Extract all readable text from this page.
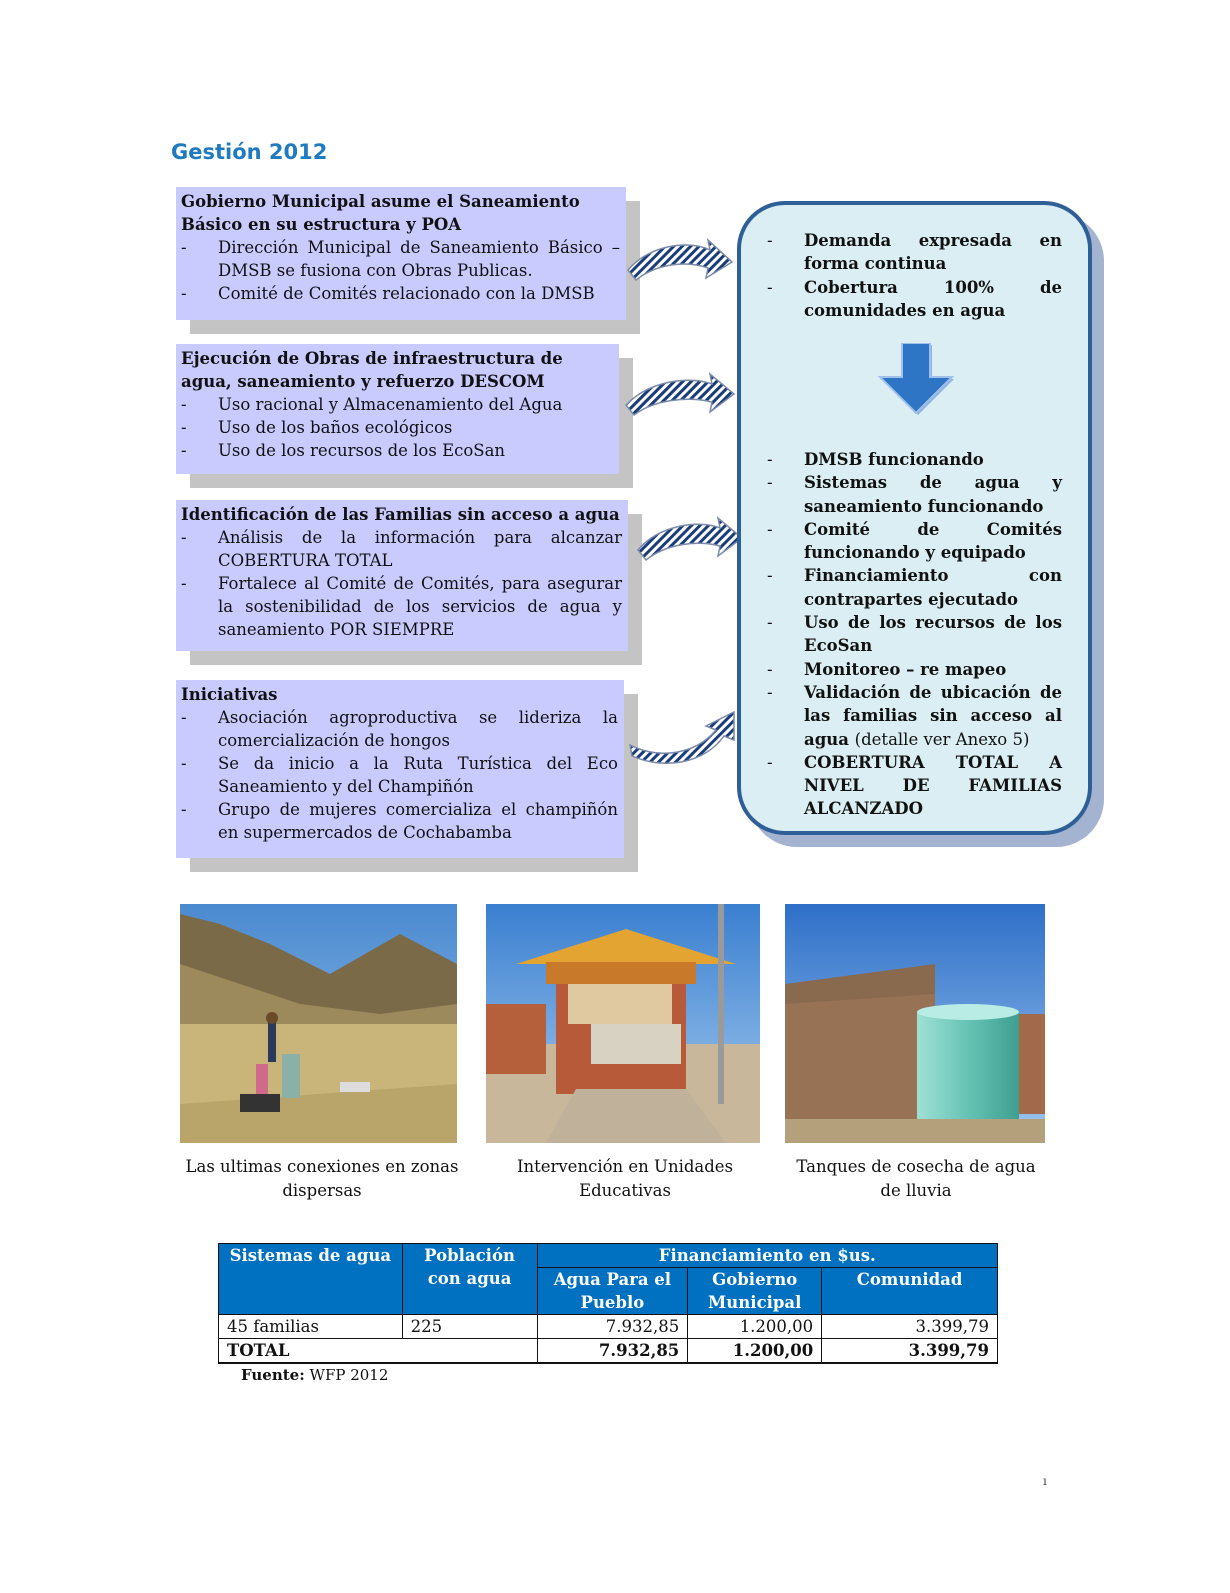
Gestión 2012
Gobierno Municipal asume el Saneamiento Básico en su estructura y POA
- Dirección Municipal de Saneamiento Básico – DMSB se fusiona con Obras Publicas.
- Comité de Comités relacionado con la DMSB
Ejecución de Obras de infraestructura de agua, saneamiento y refuerzo DESCOM
- Uso racional y Almacenamiento del Agua
- Uso de los baños ecológicos
- Uso de los recursos de los EcoSan
Identificación de las Familias sin acceso a agua
- Análisis de la información para alcanzar COBERTURA TOTAL
- Fortalece al Comité de Comités, para asegurar la sostenibilidad de los servicios de agua y saneamiento POR SIEMPRE
Iniciativas
- Asociación agroproductiva se lideriza la comercialización de hongos
- Se da inicio a la Ruta Turística del Eco Saneamiento y del Champiñón
- Grupo de mujeres comercializa el champiñón en supermercados de Cochabamba
- Demanda expresada en forma continua
- Cobertura 100% de comunidades en agua
- DMSB funcionando
- Sistemas de agua y saneamiento funcionando
- Comité de Comités funcionando y equipado
- Financiamiento con contrapartes ejecutado
- Uso de los recursos de los EcoSan
- Monitoreo – re mapeo
- Validación de ubicación de las familias sin acceso al agua (detalle ver Anexo 5)
- COBERTURA TOTAL A NIVEL DE FAMILIAS ALCANZADO
Las ultimas conexiones en zonas dispersas
Intervención en Unidades Educativas
Tanques de cosecha de agua de lluvia
Sistemas de agua	Población con agua	Financiamiento en $us.		
		Agua Para el Pueblo	Gobierno Municipal	Comunidad
45 familias	225	7.932,85	1.200,00	3.399,79
TOTAL		7.932,85	1.200,00	3.399,79
Fuente: WFP 2012
ı
